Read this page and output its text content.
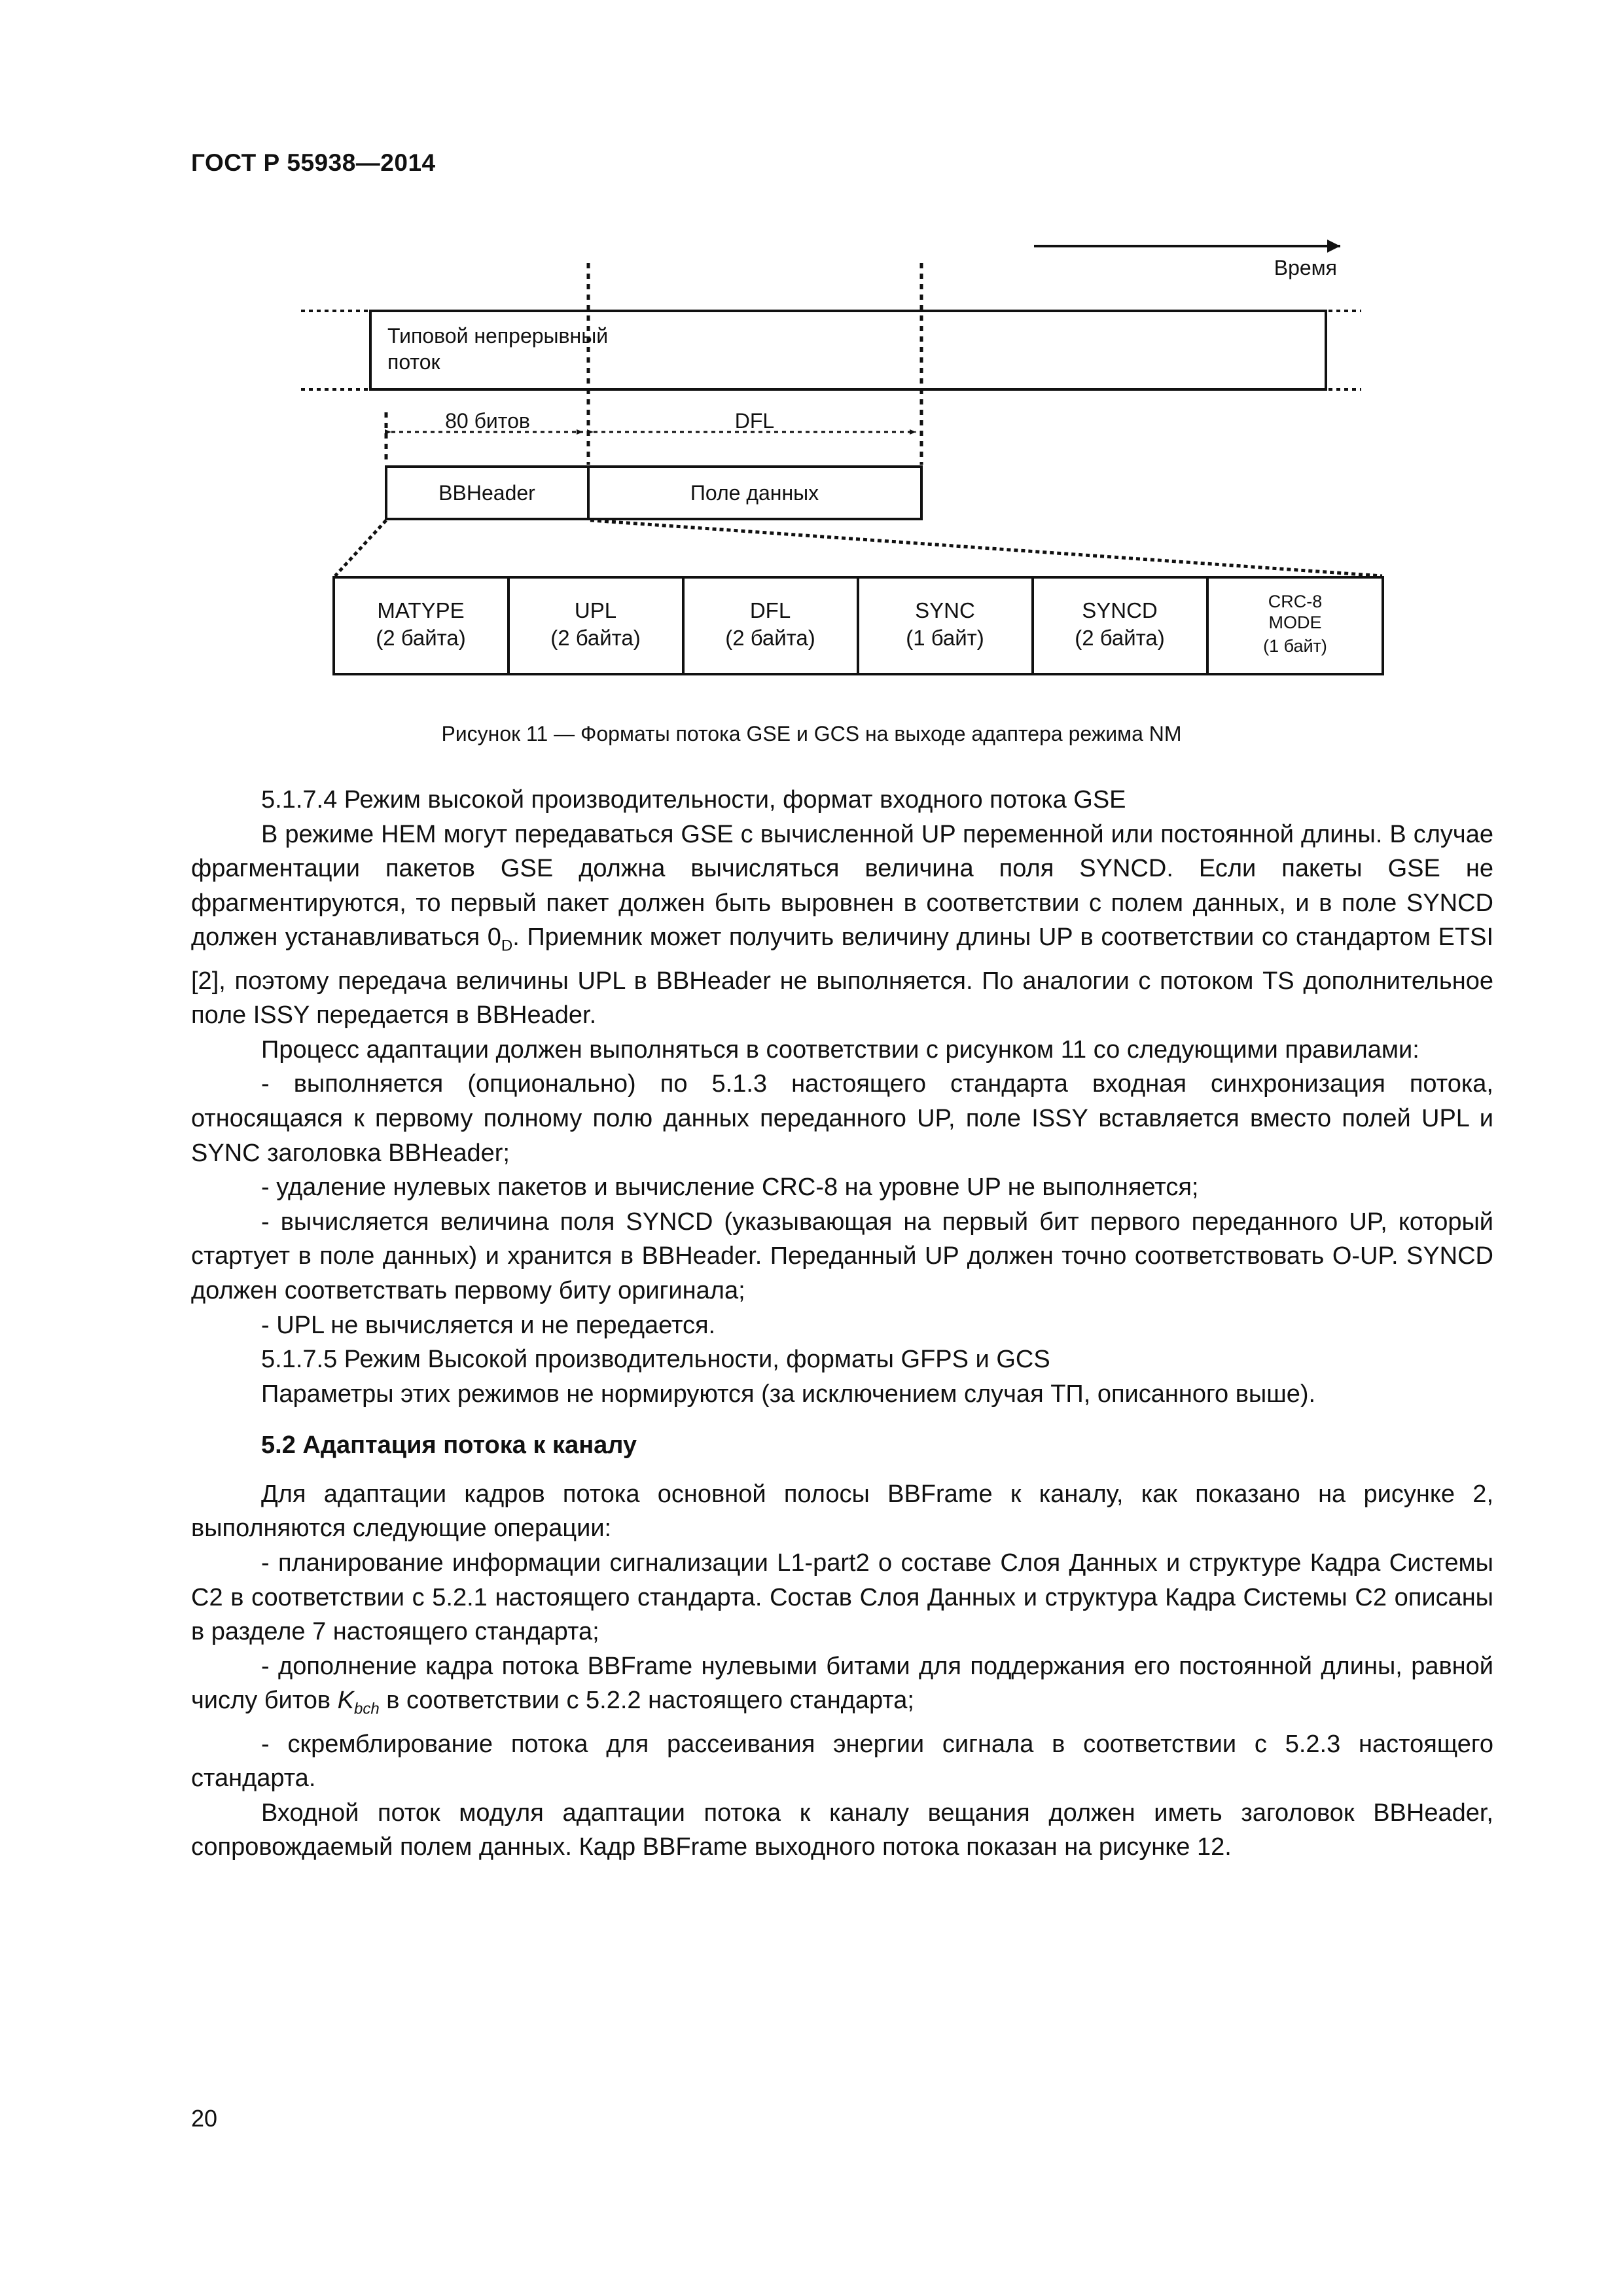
ГОСТ Р 55938—2014
Время
Типовой непрерывный
поток
80 битов	DFL
BBHeader	Поле данных
MATYPE
(2 байта)
UPL
(2 байта)
DFL
(2 байта)
SYNC
(1 байт)
SYNCD
(2 байта)
CRC-8
MODE
(1 байт)
Рисунок 11 — Форматы потока GSE и GCS на выходе адаптера режима NM

5.1.7.4 Режим высокой производительности, формат входного потока GSE

В режиме НЕМ могут передаваться GSE с вычисленной UP переменной или постоянной длины. В случае фрагментации пакетов GSE должна вычисляться величина поля SYNCD. Если пакеты GSE не фрагментируются, то первый пакет должен быть выровнен в соответствии с полем данных, и в поле SYNCD должен устанавливаться $0_D$. Приемник может получить величину длины UP в соответствии со стандартом ETSI [2], поэтому передача величины UPL в BBHeader не выполняется. По аналогии с потоком TS дополнительное поле ISSY передается в BBHeader.

Процесс адаптации должен выполняться в соответствии с рисунком 11 со следующими правилами:

- выполняется (опционально) по 5.1.3 настоящего стандарта входная синхронизация потока, относящаяся к первому полному полю данных переданного UP, поле ISSY вставляется вместо полей UPL и SYNC заголовка BBHeader;

- удаление нулевых пакетов и вычисление CRC-8 на уровне UP не выполняется;

- вычисляется величина поля SYNCD (указывающая на первый бит первого переданного UP, который стартует в поле данных) и хранится в BBHeader. Переданный UP должен точно соответствовать O-UP. SYNCD должен соответствать первому биту оригинала;

- UPL не вычисляется и не передается.

5.1.7.5 Режим Высокой производительности, форматы GFPS и GCS

Параметры этих режимов не нормируются (за исключением случая ТП, описанного выше).

5.2 Адаптация потока к каналу

Для адаптации кадров потока основной полосы BBFrame к каналу, как показано на рисунке 2, выполняются следующие операции:

- планирование информации сигнализации L1-part2 о составе Слоя Данных и структуре Кадра Системы С2 в соответствии с 5.2.1 настоящего стандарта. Состав Слоя Данных и структура Кадра Системы С2 описаны в разделе 7 настоящего стандарта;

- дополнение кадра потока BBFrame нулевыми битами для поддержания его постоянной длины, равной числу битов $K_{bch}$ в соответствии с 5.2.2 настоящего стандарта;

- скремблирование потока для рассеивания энергии сигнала в соответствии с 5.2.3 настоящего стандарта.

Входной поток модуля адаптации потока к каналу вещания должен иметь заголовок BBHeader, сопровождаемый полем данных. Кадр BBFrame выходного потока показан на рисунке 12.

20
